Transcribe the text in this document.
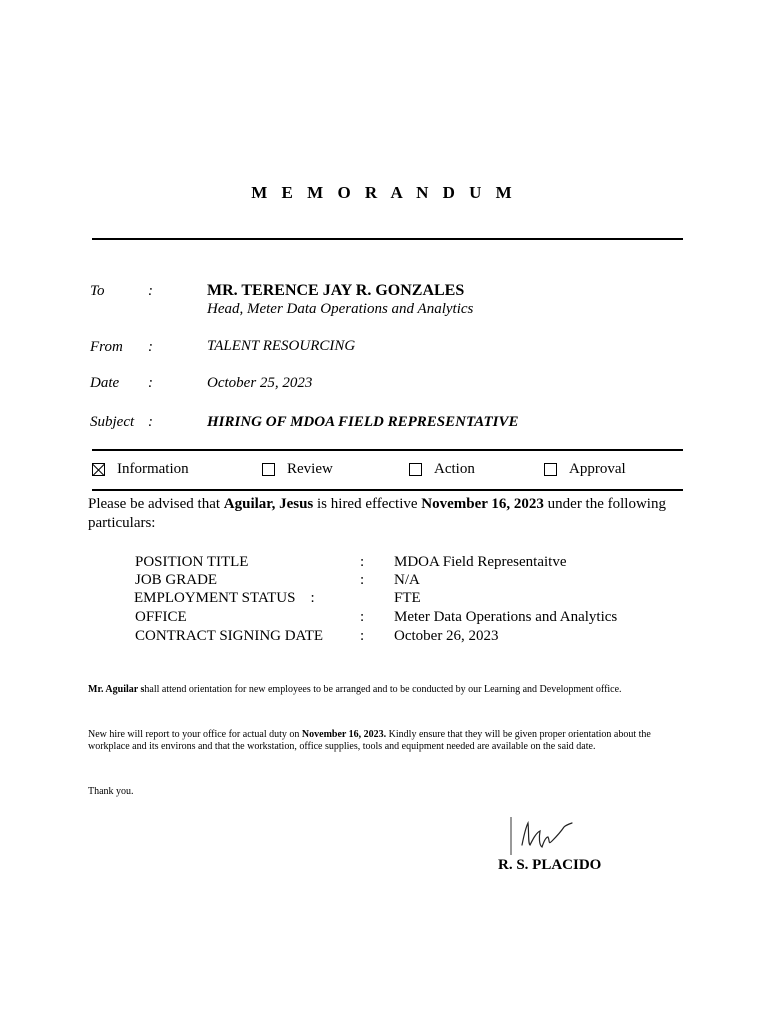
M E M O R A N D U M
To	:	MR. TERENCE JAY R. GONZALES
Head, Meter Data Operations and Analytics
From :	TALENT RESOURCING
Date :	October 25, 2023
Subject :	HIRING OF MDOA FIELD REPRESENTATIVE
Information	Review	Action	Approval
Please be advised that Aguilar, Jesus is hired effective November 16, 2023 under the following particulars:
POSITION TITLE	: MDOA Field Representaitve
JOB GRADE	: N/A
EMPLOYMENT STATUS    :	FTE
OFFICE	: Meter Data Operations and Analytics
CONTRACT SIGNING DATE : October 26, 2023
Mr. Aguilar shall attend orientation for new employees to be arranged and to be conducted by our Learning and Development office.
New hire will report to your office for actual duty on November 16, 2023. Kindly ensure that they will be given proper orientation about the workplace and its environs and that the workstation, office supplies, tools and equipment needed are available on the said date.
Thank you.
R. S. PLACIDO
